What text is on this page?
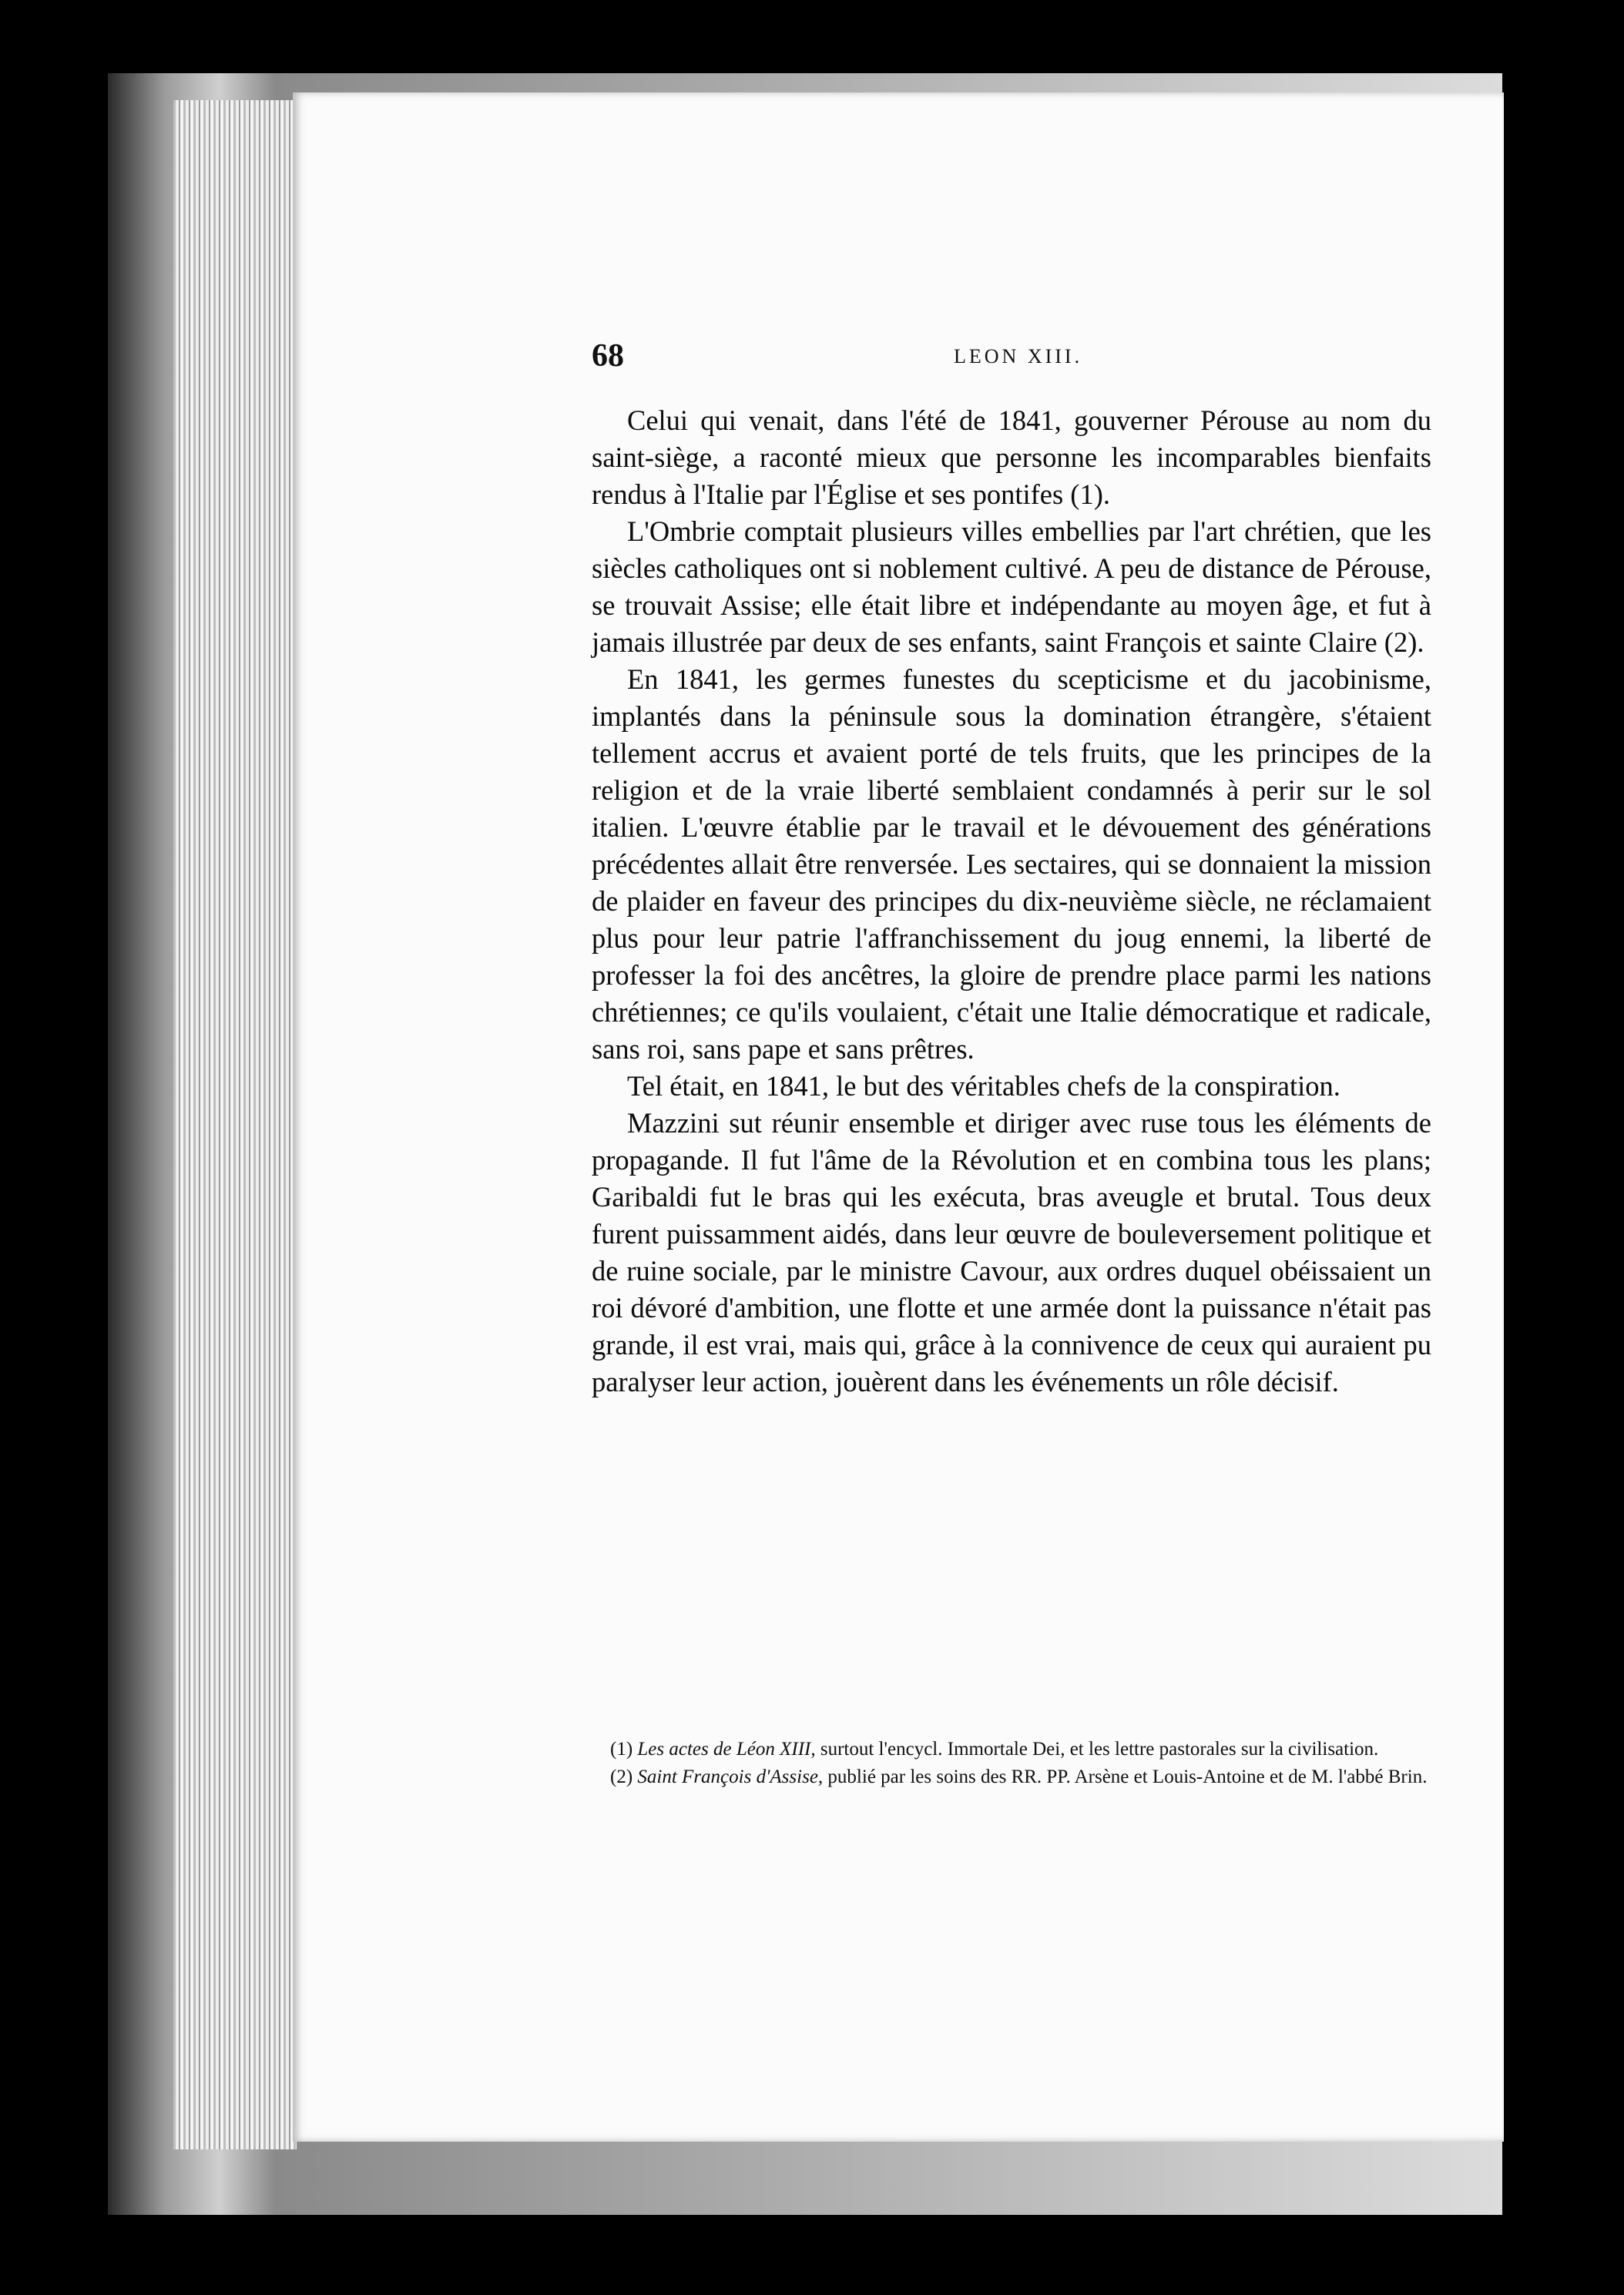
68	LEON XIII.

Celui qui venait, dans l'été de 1841, gouverner Pérouse au nom du saint-siège, a raconté mieux que personne les incomparables bienfaits rendus à l'Italie par l'Église et ses pontifes (1).

L'Ombrie comptait plusieurs villes embellies par l'art chrétien, que les siècles catholiques ont si noblement cultivé. A peu de distance de Pérouse, se trouvait Assise; elle était libre et indépendante au moyen âge, et fut à jamais illustrée par deux de ses enfants, saint François et sainte Claire (2).

En 1841, les germes funestes du scepticisme et du jacobinisme, implantés dans la péninsule sous la domination étrangère, s'étaient tellement accrus et avaient porté de tels fruits, que les principes de la religion et de la vraie liberté semblaient condamnés à perir sur le sol italien. L'œuvre établie par le travail et le dévouement des générations précédentes allait être renversée. Les sectaires, qui se donnaient la mission de plaider en faveur des principes du dix-neuvième siècle, ne réclamaient plus pour leur patrie l'affranchissement du joug ennemi, la liberté de professer la foi des ancêtres, la gloire de prendre place parmi les nations chrétiennes; ce qu'ils voulaient, c'était une Italie démocratique et radicale, sans roi, sans pape et sans prêtres.

Tel était, en 1841, le but des véritables chefs de la conspiration.

Mazzini sut réunir ensemble et diriger avec ruse tous les éléments de propagande. Il fut l'âme de la Révolution et en combina tous les plans; Garibaldi fut le bras qui les exécuta, bras aveugle et brutal. Tous deux furent puissamment aidés, dans leur œuvre de bouleversement politique et de ruine sociale, par le ministre Cavour, aux ordres duquel obéissaient un roi dévoré d'ambition, une flotte et une armée dont la puissance n'était pas grande, il est vrai, mais qui, grâce à la connivence de ceux qui auraient pu paralyser leur action, jouèrent dans les événements un rôle décisif.

(1) Les actes de Léon XIII, surtout l'encycl. Immortale Dei, et les lettre pastorales sur la civilisation.

(2) Saint François d'Assise, publié par les soins des RR. PP. Arsène et Louis-Antoine et de M. l'abbé Brin.
